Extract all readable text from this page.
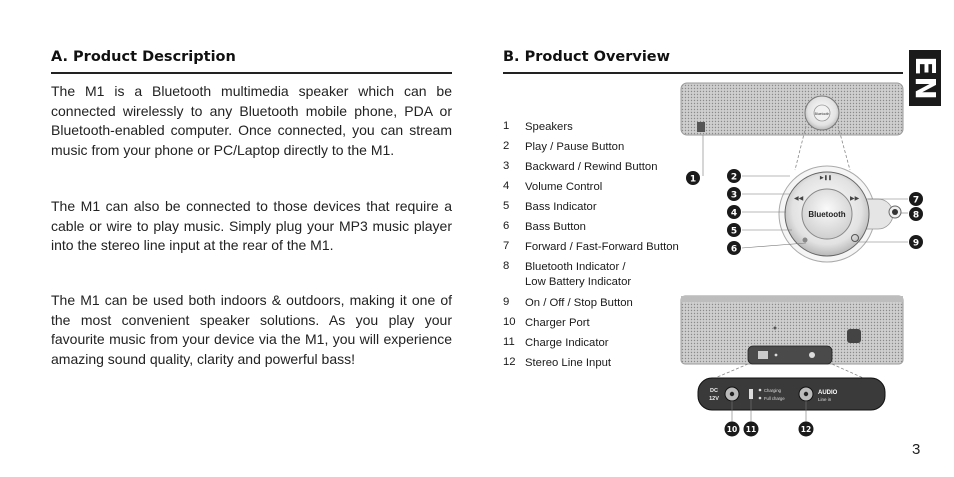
A. Product Description
The M1 is a Bluetooth multimedia speaker which can be connected wirelessly to any Bluetooth mobile phone, PDA or Bluetooth-enabled computer. Once connected, you can stream music from your phone or PC/Laptop directly to the M1.
The M1 can also be connected to those devices that require a cable or wire to play music. Simply plug your MP3 music player into the stereo line input at the rear of the M1.
The M1 can be used both indoors & outdoors, making it one of the most convenient speaker solutions. As you play your favourite music from your device via the M1, you will experience amazing sound quality, clarity and powerful bass!
B. Product Overview	EN
1	Speakers
2	Play / Pause Button
3	Backward / Rewind Button
4	Volume Control
5	Bass Indicator
6	Bass Button
7	Forward / Fast-Forward Button
8	Bluetooth Indicator /
Low Battery Indicator
9	On / Off / Stop Button
10 Charger Port
11 Charge Indicator
12 Stereo Line Input
Bluetooth
Bluetooth
▶❚❚
◀◀	▶▶
DC
12V
Charging
Full charge
AUDIO
Line in
1	2
3
4
5
6
7
8
9
10 11	12
3
